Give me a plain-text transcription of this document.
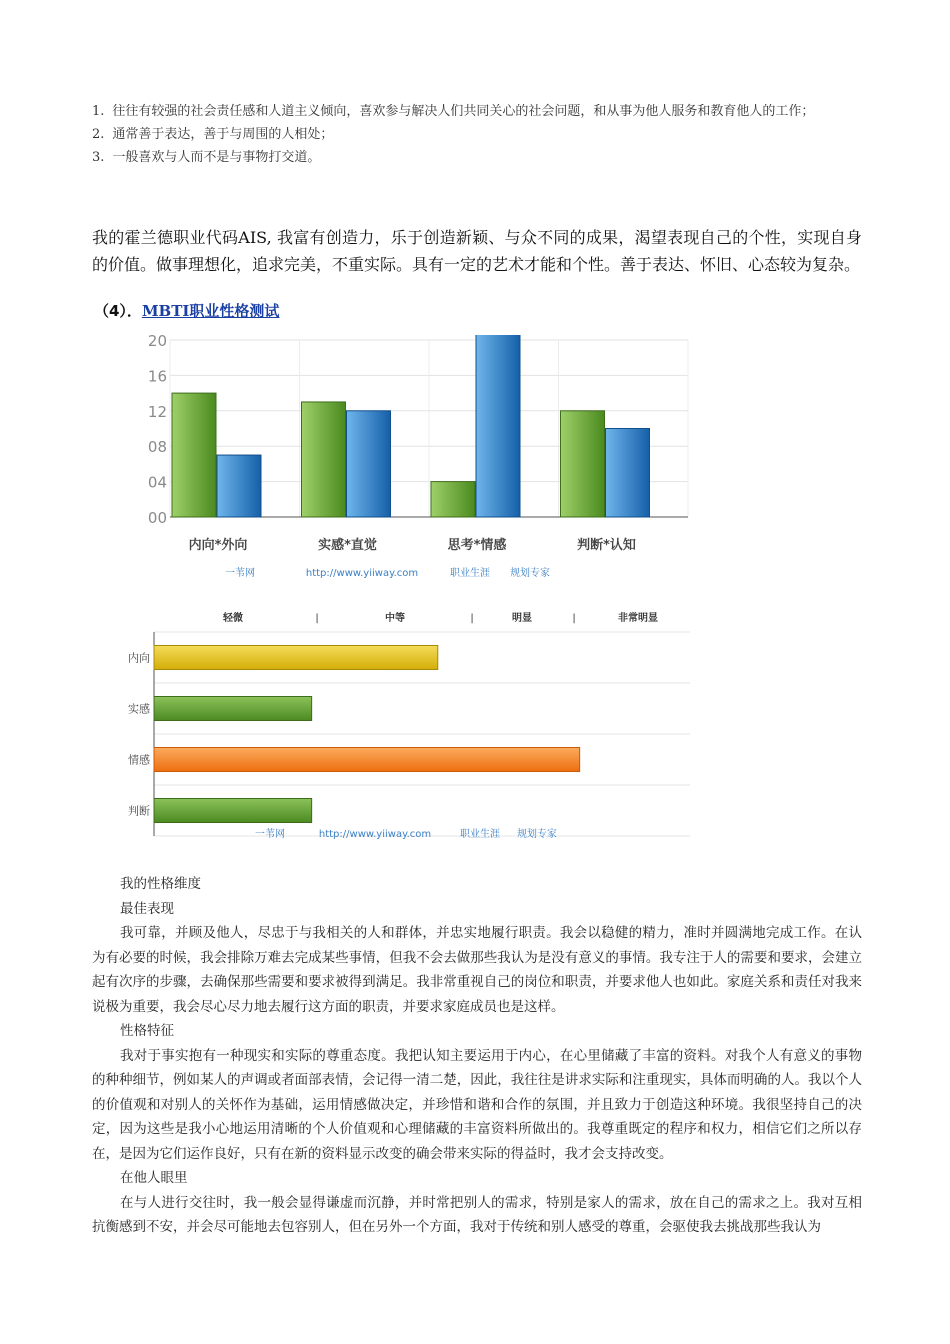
1. 往往有较强的社会责任感和人道主义倾向，喜欢参与解决人们共同关心的社会问题，和从事为他人服务和教育他人的工作；
2. 通常善于表达，善于与周围的人相处；
3. 一般喜欢与人而不是与事物打交道。
我的霍兰德职业代码AIS, 我富有创造力，乐于创造新颖、与众不同的成果，渴望表现自己的个性，实现自身的价值。做事理想化，追求完美，不重实际。具有一定的艺术才能和个性。善于表达、怀旧、心态较为复杂。
（4）．MBTI职业性格测试
00
04
08
12
16
20
内向*外向	实感*直觉	思考*情感	判断*认知
一苇网	http://www.yiiway.com	职业生涯 规划专家
轻微	|	中等	|	明显	|	非常明显
内向
实感
情感
判断
一苇网	http://www.yiiway.com	职业生涯 规划专家
我的性格维度
最佳表现

我可靠，并顾及他人，尽忠于与我相关的人和群体，并忠实地履行职责。我会以稳健的精力，准时并圆满地完成工作。在认为有必要的时候，我会排除万难去完成某些事情，但我不会去做那些我认为是没有意义的事情。我专注于人的需要和要求，会建立起有次序的步骤，去确保那些需要和要求被得到满足。我非常重视自己的岗位和职责，并要求他人也如此。家庭关系和责任对我来说极为重要，我会尽心尽力地去履行这方面的职责，并要求家庭成员也是这样。

性格特征

我对于事实抱有一种现实和实际的尊重态度。我把认知主要运用于内心，在心里储藏了丰富的资料。对我个人有意义的事物的种种细节，例如某人的声调或者面部表情，会记得一清二楚，因此，我往往是讲求实际和注重现实，具体而明确的人。我以个人的价值观和对别人的关怀作为基础，运用情感做决定，并珍惜和谐和合作的氛围，并且致力于创造这种环境。我很坚持自己的决定，因为这些是我小心地运用清晰的个人价值观和心理储藏的丰富资料所做出的。我尊重既定的程序和权力，相信它们之所以存在，是因为它们运作良好，只有在新的资料显示改变的确会带来实际的得益时，我才会支持改变。

在他人眼里

在与人进行交往时，我一般会显得谦虚而沉静，并时常把别人的需求，特别是家人的需求，放在自己的需求之上。我对互相抗衡感到不安，并会尽可能地去包容别人，但在另外一个方面，我对于传统和别人感受的尊重，会驱使我去挑战那些我认为
